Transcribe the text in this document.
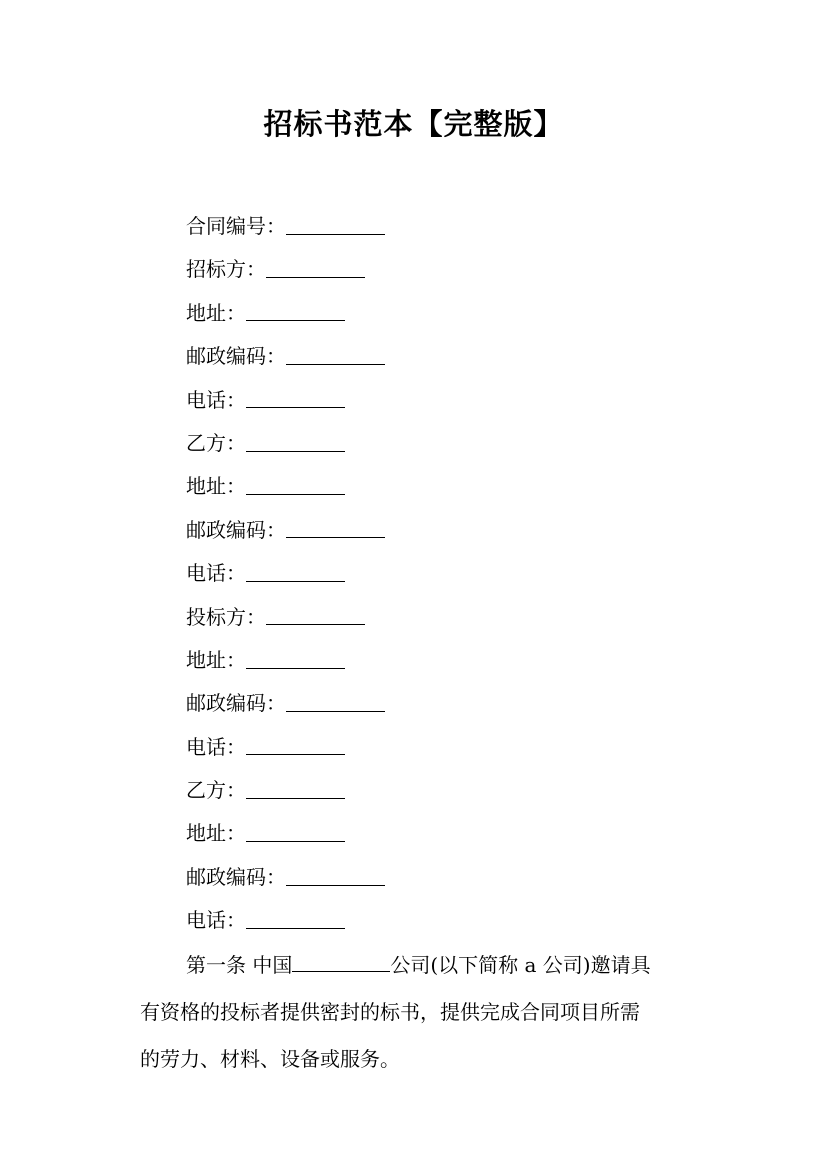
招标书范本【完整版】
合同编号：
招标方：
地址：
邮政编码：
电话：
乙方：
地址：
邮政编码：
电话：
投标方：
地址：
邮政编码：
电话：
乙方：
地址：
邮政编码：
电话：
第一条 中国	公司(以下简称 a 公司)邀请具
有资格的投标者提供密封的标书，提供完成合同项目所需
的劳力、材料、设备或服务。
